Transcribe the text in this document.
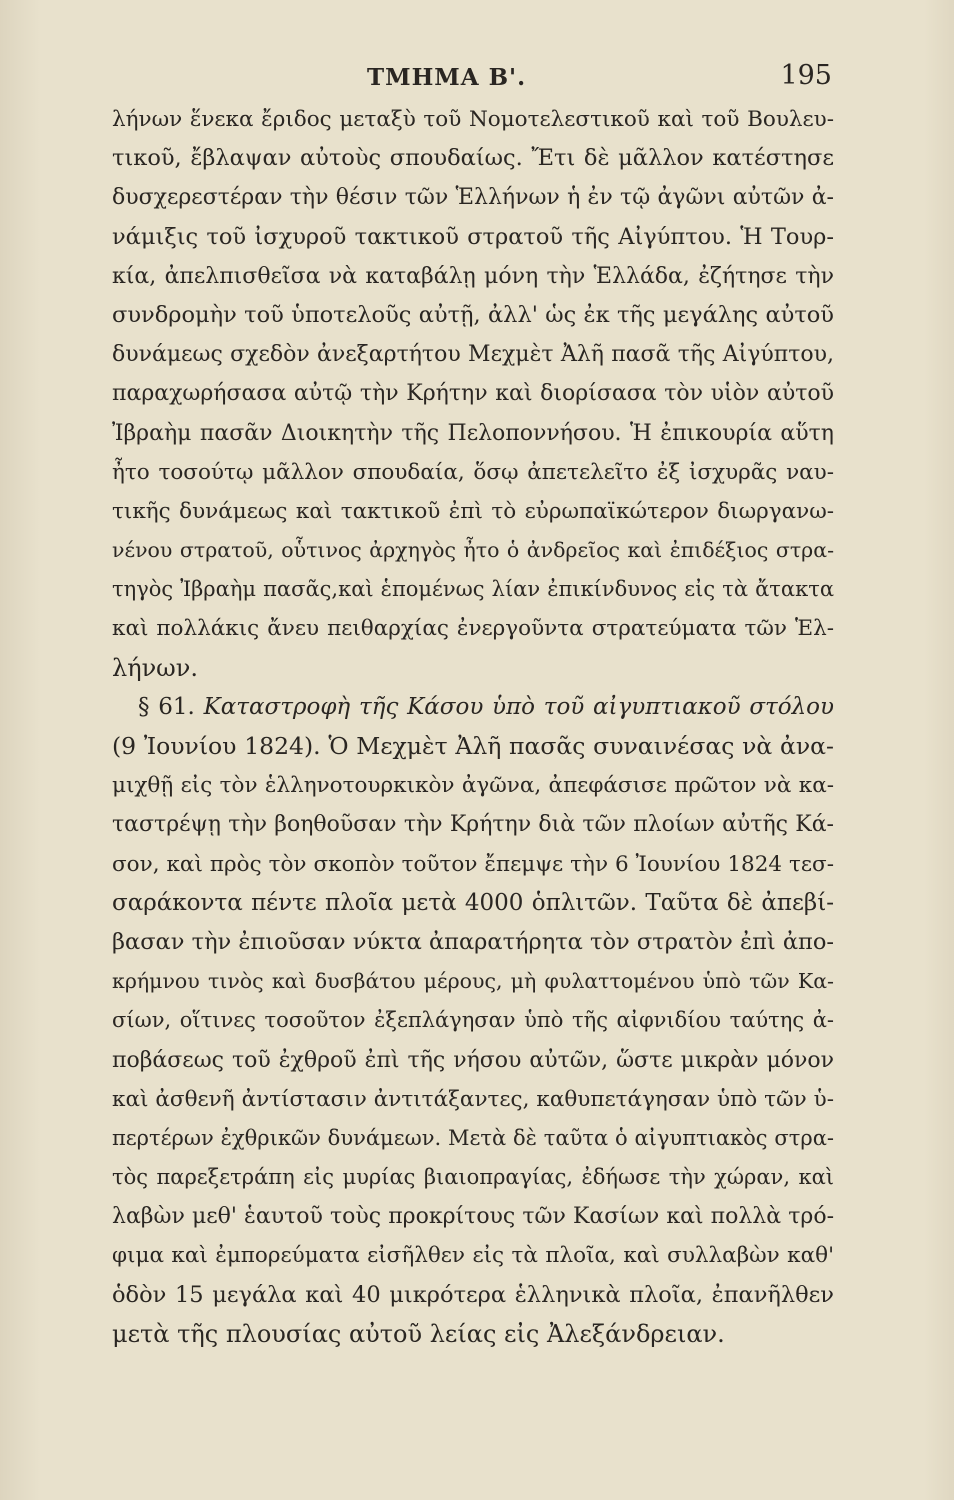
ΤΜΗΜΑ Β'.	195
λήνων ἕνεκα ἔριδος μεταξὺ τοῦ Νομοτελεστικοῦ καὶ τοῦ Βουλευ-
τικοῦ, ἔβλαψαν αὐτοὺς σπουδαίως. Ἔτι δὲ μᾶλλον κατέστησε
δυσχερεστέραν τὴν θέσιν τῶν Ἑλλήνων ἡ ἐν τῷ ἀγῶνι αὐτῶν ἀ-
νάμιξις τοῦ ἰσχυροῦ τακτικοῦ στρατοῦ τῆς Αἰγύπτου. Ἡ Τουρ-
κία, ἀπελπισθεῖσα νὰ καταβάλῃ μόνη τὴν Ἑλλάδα, ἐζήτησε τὴν
συνδρομὴν τοῦ ὑποτελοῦς αὐτῇ, ἀλλ' ὡς ἐκ τῆς μεγάλης αὐτοῦ
δυνάμεως σχεδὸν ἀνεξαρτήτου Μεχμὲτ Ἀλῆ πασᾶ τῆς Αἰγύπτου,
παραχωρήσασα αὐτῷ τὴν Κρήτην καὶ διορίσασα τὸν υἱὸν αὐτοῦ
Ἰβραὴμ πασᾶν Διοικητὴν τῆς Πελοποννήσου. Ἡ ἐπικουρία αὕτη
ἦτο τοσούτῳ μᾶλλον σπουδαία, ὅσῳ ἀπετελεῖτο ἐξ ἰσχυρᾶς ναυ-
τικῆς δυνάμεως καὶ τακτικοῦ ἐπὶ τὸ εὐρωπαϊκώτερον διωργανω-
νένου στρατοῦ, οὗτινος ἀρχηγὸς ἦτο ὁ ἀνδρεῖος καὶ ἐπιδέξιος στρα-
τηγὸς Ἰβραὴμ πασᾶς,καὶ ἑπομένως λίαν ἐπικίνδυνος εἰς τὰ ἄτακτα
καὶ πολλάκις ἄνευ πειθαρχίας ἐνεργοῦντα στρατεύματα τῶν Ἑλ-
λήνων.
§ 61. Καταστροφὴ τῆς Κάσου ὑπὸ τοῦ αἰγυπτιακοῦ στόλου
(9 Ἰουνίου 1824). Ὁ Μεχμὲτ Ἀλῆ πασᾶς συναινέσας νὰ ἀνα-
μιχθῇ εἰς τὸν ἑλληνοτουρκικὸν ἀγῶνα, ἀπεφάσισε πρῶτον νὰ κα-
ταστρέψῃ τὴν βοηθοῦσαν τὴν Κρήτην διὰ τῶν πλοίων αὐτῆς Κά-
σον, καὶ πρὸς τὸν σκοπὸν τοῦτον ἔπεμψε τὴν 6 Ἰουνίου 1824 τεσ-
σαράκοντα πέντε πλοῖα μετὰ 4000 ὁπλιτῶν. Ταῦτα δὲ ἀπεβί-
βασαν τὴν ἐπιοῦσαν νύκτα ἀπαρατήρητα τὸν στρατὸν ἐπὶ ἀπο-
κρήμνου τινὸς καὶ δυσβάτου μέρους, μὴ φυλαττομένου ὑπὸ τῶν Κα-
σίων, οἵτινες τοσοῦτον ἐξεπλάγησαν ὑπὸ τῆς αἰφνιδίου ταύτης ἀ-
ποβάσεως τοῦ ἐχθροῦ ἐπὶ τῆς νήσου αὐτῶν, ὥστε μικρὰν μόνον
καὶ ἀσθενῆ ἀντίστασιν ἀντιτάξαντες, καθυπετάγησαν ὑπὸ τῶν ὑ-
περτέρων ἐχθρικῶν δυνάμεων. Μετὰ δὲ ταῦτα ὁ αἰγυπτιακὸς στρα-
τὸς παρεξετράπη εἰς μυρίας βιαιοπραγίας, ἐδήωσε τὴν χώραν, καὶ
λαβὼν μεθ' ἑαυτοῦ τοὺς προκρίτους τῶν Κασίων καὶ πολλὰ τρό-
φιμα καὶ ἐμπορεύματα εἰσῆλθεν εἰς τὰ πλοῖα, καὶ συλλαβὼν καθ'
ὁδὸν 15 μεγάλα καὶ 40 μικρότερα ἑλληνικὰ πλοῖα, ἐπανῆλθεν
μετὰ τῆς πλουσίας αὐτοῦ λείας εἰς Ἀλεξάνδρειαν.
